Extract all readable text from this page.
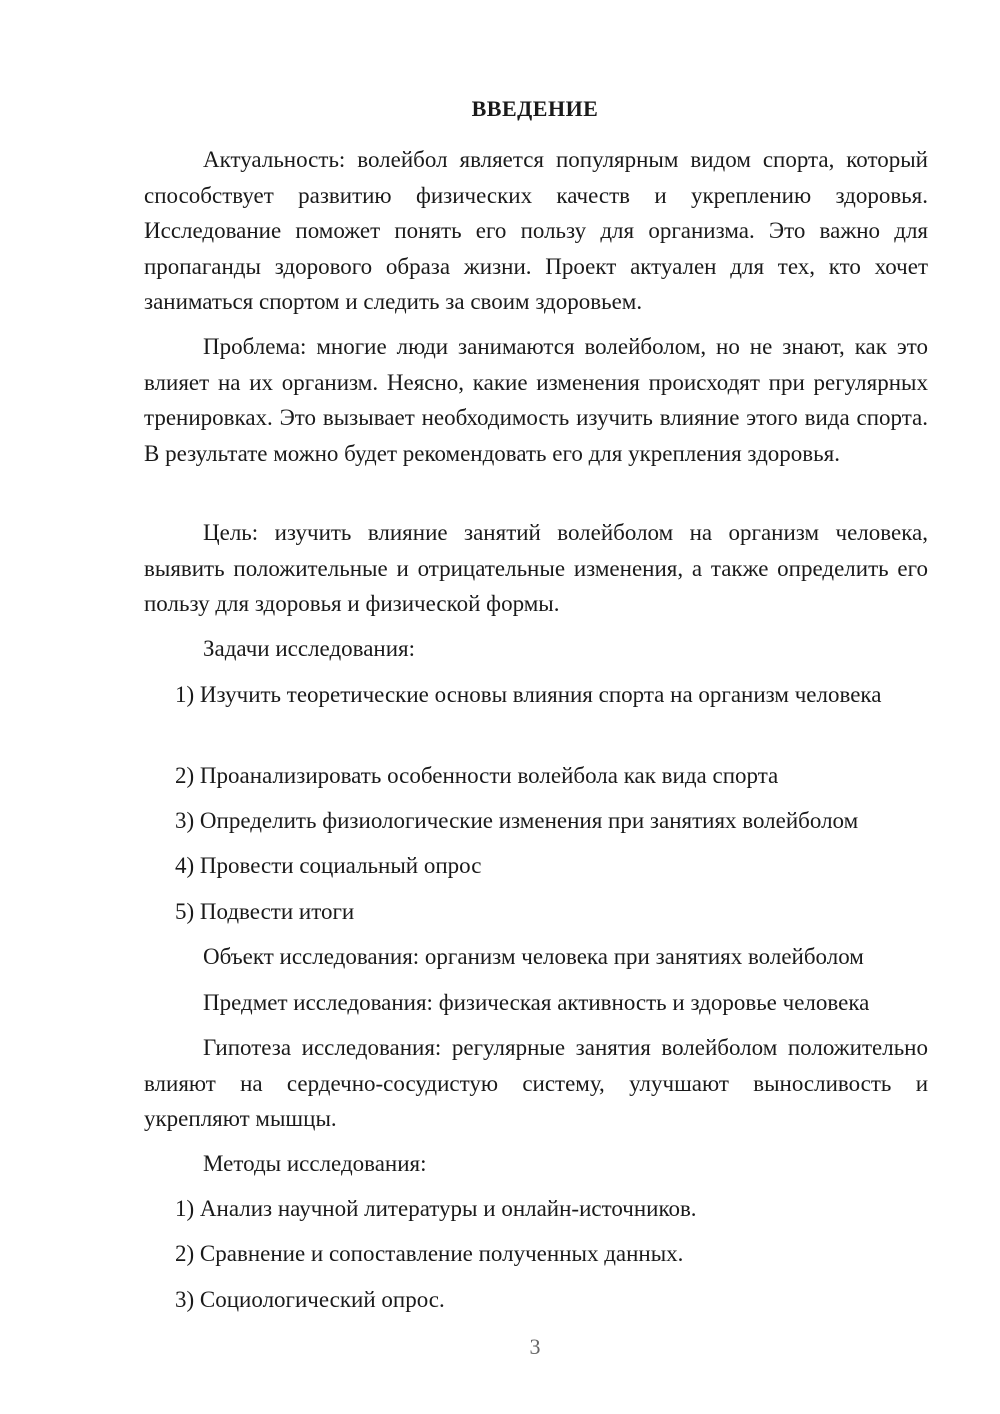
ВВЕДЕНИЕ

Актуальность: волейбол является популярным видом спорта, который способствует развитию физических качеств и укреплению здоровья. Исследование поможет понять его пользу для организма. Это важно для пропаганды здорового образа жизни. Проект актуален для тех, кто хочет заниматься спортом и следить за своим здоровьем.

Проблема: многие люди занимаются волейболом, но не знают, как это влияет на их организм. Неясно, какие изменения происходят при регулярных тренировках. Это вызывает необходимость изучить влияние этого вида спорта. В результате можно будет рекомендовать его для укрепления здоровья.

Цель: изучить влияние занятий волейболом на организм человека, выявить положительные и отрицательные изменения, а также определить его пользу для здоровья и физической формы.

Задачи исследования:

1) Изучить теоретические основы влияния спорта на организм человека

2) Проанализировать особенности волейбола как вида спорта
3) Определить физиологические изменения при занятиях волейболом
4) Провести социальный опрос
5) Подвести итоги
Объект исследования: организм человека при занятиях волейболом
Предмет исследования: физическая активность и здоровье человека

Гипотеза исследования: регулярные занятия волейболом положительно влияют на сердечно-сосудистую систему, улучшают выносливость и укрепляют мышцы.

Методы исследования:
1) Анализ научной литературы и онлайн-источников.
2) Сравнение и сопоставление полученных данных.
3) Социологический опрос.
3
